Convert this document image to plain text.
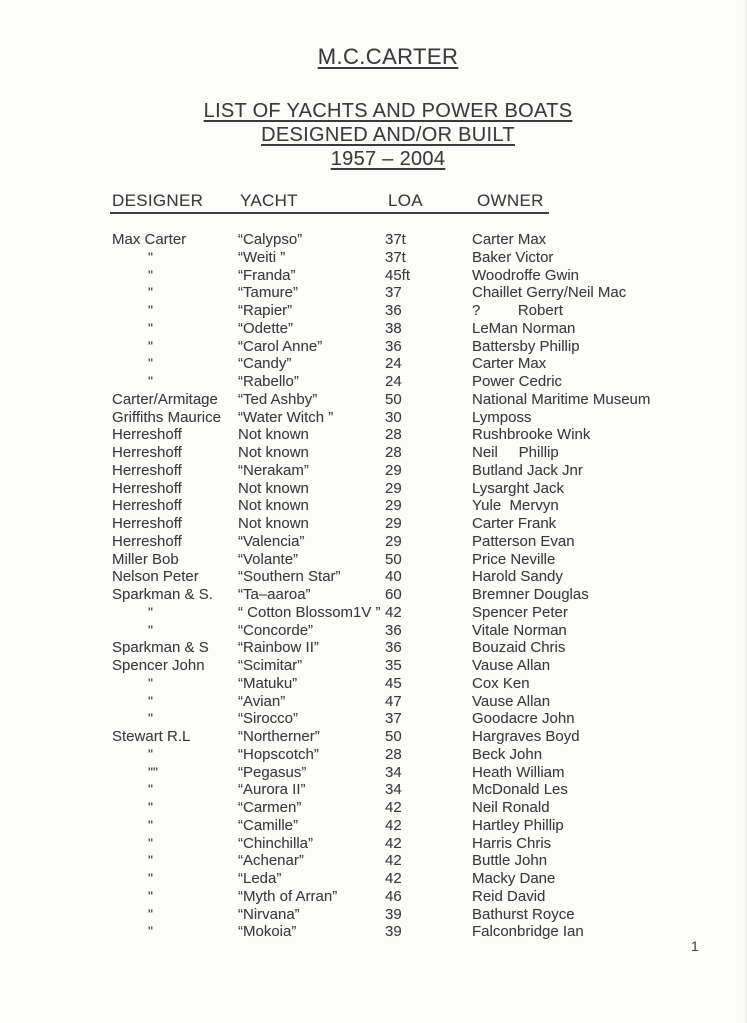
M.C.CARTER
LIST OF YACHTS AND POWER BOATS
DESIGNED AND/OR BUILT
1957 – 2004
DESIGNER YACHT	LOA	OWNER
Max Carter	“Calypso”	37t	Carter Max
"	“Weiti ”	37t	Baker Victor
"	“Franda”	45ft	Woodroffe Gwin
"	“Tamure”	37	Chaillet Gerry/Neil Mac
"	“Rapier”	36	?         Robert
"	“Odette”	38	LeMan Norman
"	“Carol Anne”	36	Battersby Phillip
"	“Candy”	24	Carter Max
"	“Rabello”	24	Power Cedric
Carter/Armitage “Ted Ashby”	50	National Maritime Museum
Griffiths Maurice “Water Witch ”	30	Lymposs
Herreshoff	Not known	28	Rushbrooke Wink
Herreshoff	Not known	28	Neil     Phillip
Herreshoff	“Nerakam”	29	Butland Jack Jnr
Herreshoff	Not known	29	Lysarght Jack
Herreshoff	Not known	29	Yule  Mervyn
Herreshoff	Not known	29	Carter Frank
Herreshoff	“Valencia”	29	Patterson Evan
Miller Bob	“Volante”	50	Price Neville
Nelson Peter	“Southern Star”	40	Harold Sandy
Sparkman & S. “Ta–aaroa”	60	Bremner Douglas
"	“ Cotton Blossom1V ” 42	Spencer Peter
"	“Concorde”	36	Vitale Norman
Sparkman & S “Rainbow II”	36	Bouzaid Chris
Spencer John “Scimitar”	35	Vause Allan
"	“Matuku”	45	Cox Ken
"	“Avian”	47	Vause Allan
"	“Sirocco”	37	Goodacre John
Stewart R.L	“Northerner”	50	Hargraves Boyd
"	“Hopscotch”	28	Beck John
""	“Pegasus”	34	Heath William
"	“Aurora II”	34	McDonald Les
"	“Carmen”	42	Neil Ronald
"	“Camille”	42	Hartley Phillip
"	“Chinchilla”	42	Harris Chris
"	“Achenar”	42	Buttle John
"	“Leda”	42	Macky Dane
"	“Myth of Arran”	46	Reid David
"	“Nirvana”	39	Bathurst Royce
"	“Mokoia”	39	Falconbridge Ian
1
